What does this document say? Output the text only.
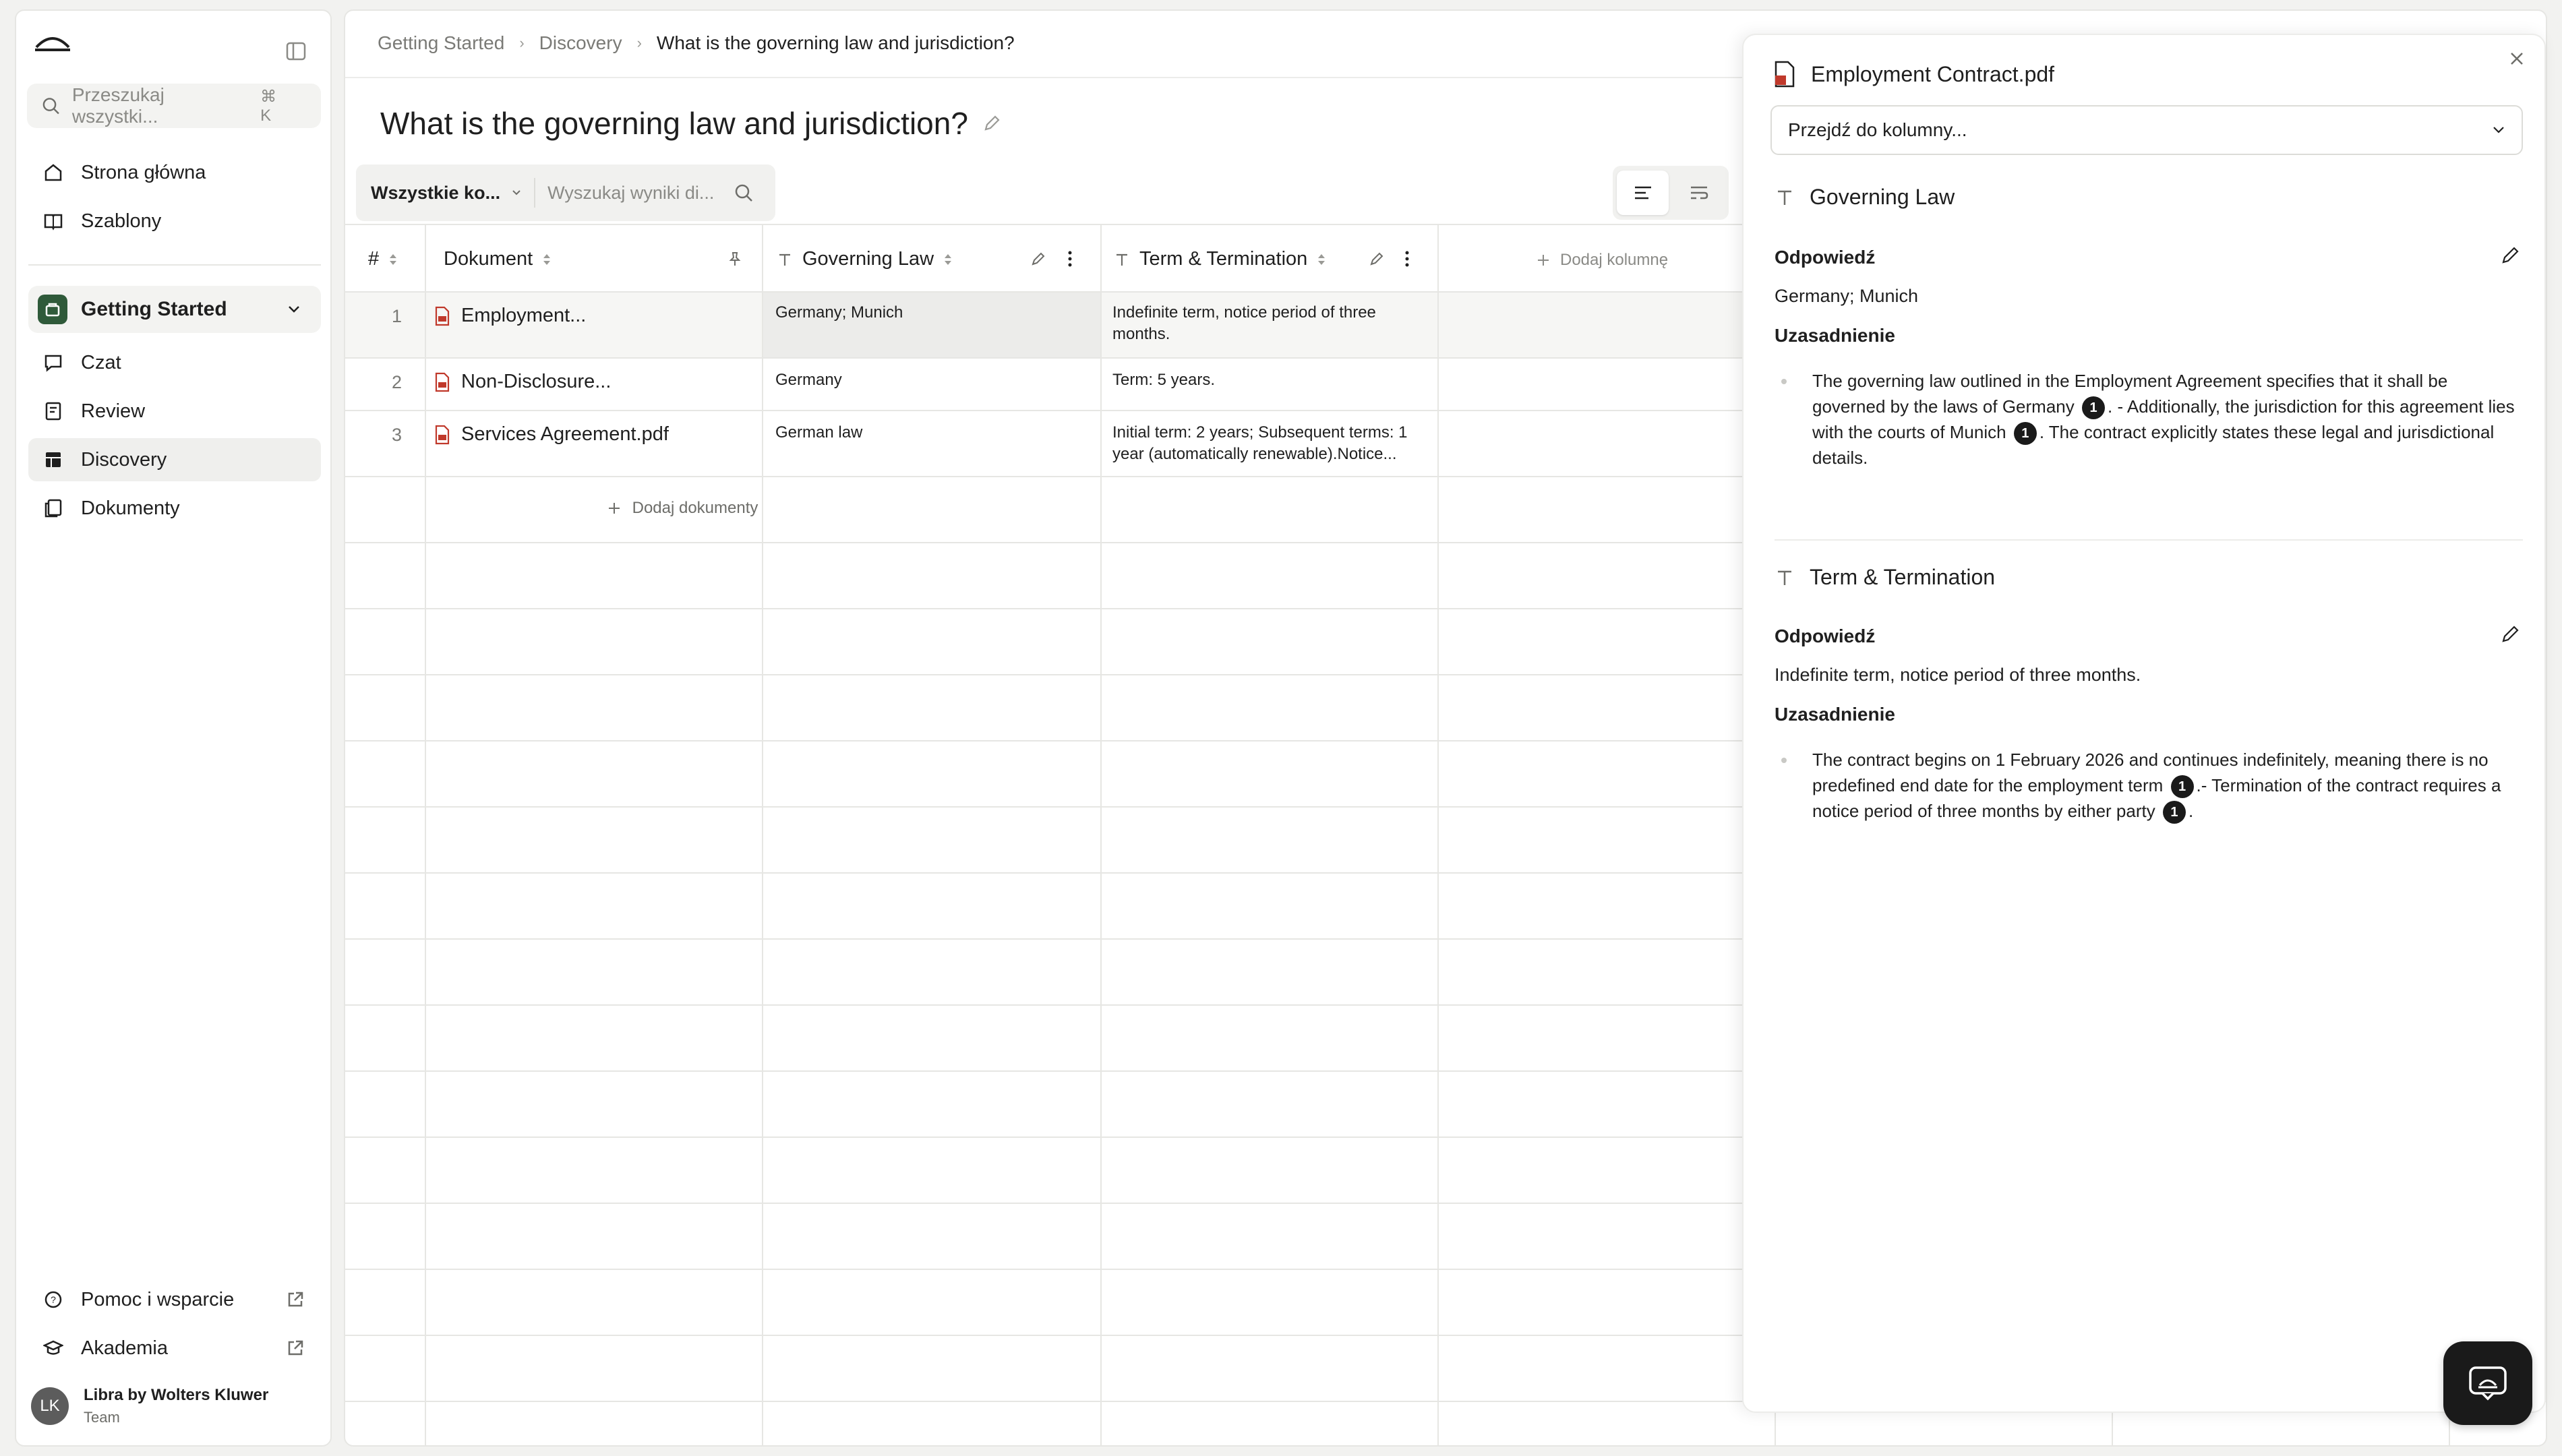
Przeszukaj wszystki...
⌘ K
Strona główna
Szablony
Getting Started
Czat
Review
Discovery
Dokumenty
? Pomoc i wsparcie
Akademia
LK
Libra by Wolters Kluwer
Team
Getting Started › Discovery › What is the governing law and jurisdiction?
What is the governing law and jurisdiction?
Wszystkie ko...	Wyszukaj wyniki di...
#	Dokument	Governing Law	Term & Termination	Dodaj kolumnę
1	Employment...	Germany; Munich	Indefinite term, notice period of three
months.
2	Non-Disclosure...	Germany	Term: 5 years.
3	Services Agreement.pdf	German law	Initial term: 2 years; Subsequent terms: 1
year (automatically renewable).Notice...
Dodaj dokumenty
Employment Contract.pdf
Przejdź do kolumny...
Governing Law
Odpowiedź
Germany; Munich
Uzasadnienie
The governing law outlined in the Employment Agreement specifies that it shall be governed by the laws of Germany 1 . - Additionally, the jurisdiction for this agreement lies with the courts of Munich 1 . The contract explicitly states these legal and jurisdictional details.
Term & Termination
Odpowiedź
Indefinite term, notice period of three months.
Uzasadnienie
The contract begins on 1 February 2026 and continues indefinitely, meaning there is no predefined end date for the employment term 1 .- Termination of the contract requires a notice period of three months by either party 1 .
